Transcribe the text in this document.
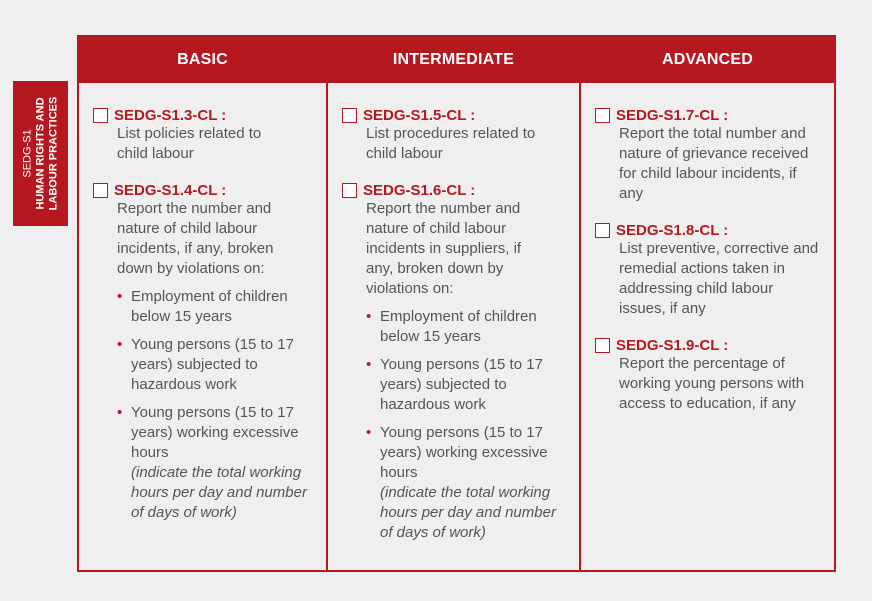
SEDG-S1 HUMAN RIGHTS AND LABOUR PRACTICES
BASIC
SEDG-S1.3-CL :
List policies related to child labour
SEDG-S1.4-CL :
Report the number and nature of child labour incidents, if any, broken down by violations on:
• Employment of children below 15 years
• Young persons (15 to 17 years) subjected to hazardous work
• Young persons (15 to 17 years) working excessive hours
(indicate the total working hours per day and number of days of work)
INTERMEDIATE
SEDG-S1.5-CL :
List procedures related to child labour
SEDG-S1.6-CL :
Report the number and nature of child labour incidents in suppliers, if any, broken down by violations on:
• Employment of children below 15 years
• Young persons (15 to 17 years) subjected to hazardous work
• Young persons (15 to 17 years) working excessive hours
(indicate the total working hours per day and number of days of work)
ADVANCED
SEDG-S1.7-CL :
Report the total number and nature of grievance received for child labour incidents, if any
SEDG-S1.8-CL :
List preventive, corrective and remedial actions taken in addressing child labour issues, if any
SEDG-S1.9-CL :
Report the percentage of working young persons with access to education, if any
